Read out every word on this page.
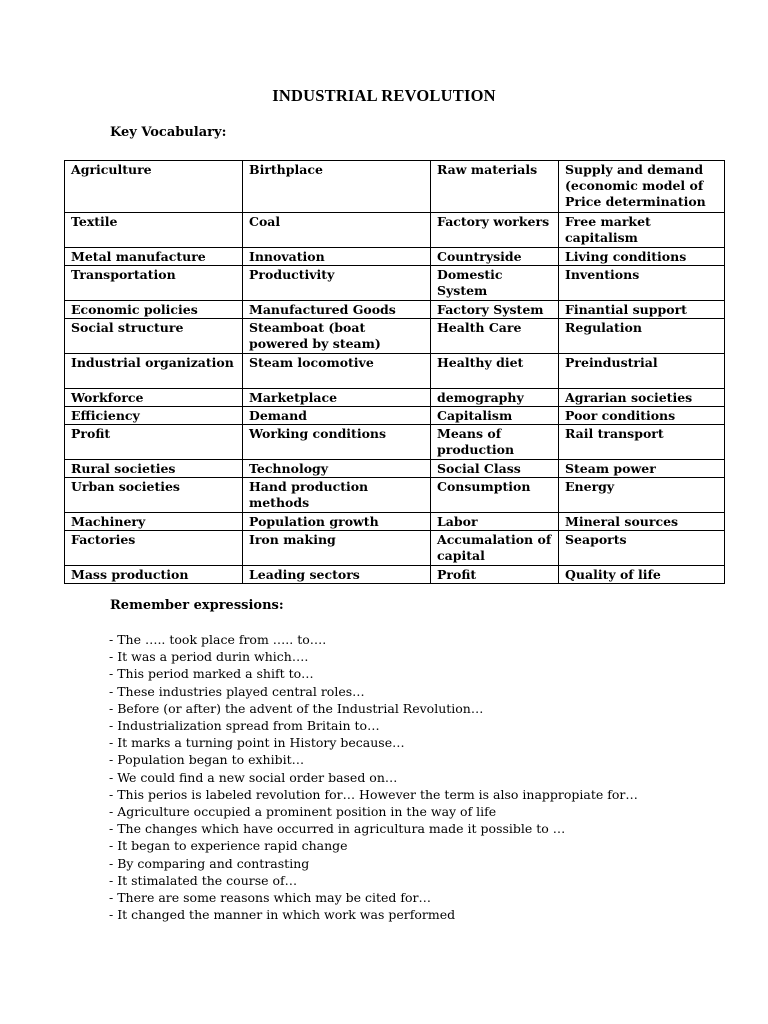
INDUSTRIAL REVOLUTION
Key Vocabulary:
Agriculture	Birthplace	Raw materials	Supply and demand (economic model of Price determination
Textile	Coal	Factory workers	Free market capitalism
Metal manufacture	Innovation	Countryside	Living conditions
Transportation	Productivity	Domestic System	Inventions
Economic policies	Manufactured Goods	Factory System	Finantial support
Social structure	Steamboat (boat powered by steam)	Health Care	Regulation
Industrial organization	Steam locomotive	Healthy diet	Preindustrial
Workforce	Marketplace	demography	Agrarian societies
Efficiency	Demand	Capitalism	Poor conditions
Profit	Working conditions	Means of production	Rail transport
Rural societies	Technology	Social Class	Steam power
Urban societies	Hand production methods	Consumption	Energy
Machinery	Population growth	Labor	Mineral sources
Factories	Iron making	Accumalation of capital	Seaports
Mass production	Leading sectors	Profit	Quality of life
Remember expressions:
- The ….. took place from ….. to….
- It was a period durin which….
- This period marked a shift to…
- These industries played central roles…
- Before (or after) the advent of the Industrial Revolution…
- Industrialization spread from Britain to…
- It marks a turning point in History because…
- Population began to exhibit…
- We could find a new social order based on…
- This perios is labeled revolution for… However the term is also inappropiate for…
- Agriculture occupied a prominent position in the way of life
- The changes which have occurred in agricultura made it possible to …
- It began to experience rapid change
- By comparing and contrasting
- It stimalated the course of…
- There are some reasons which may be cited for…
- It changed the manner in which work was performed
